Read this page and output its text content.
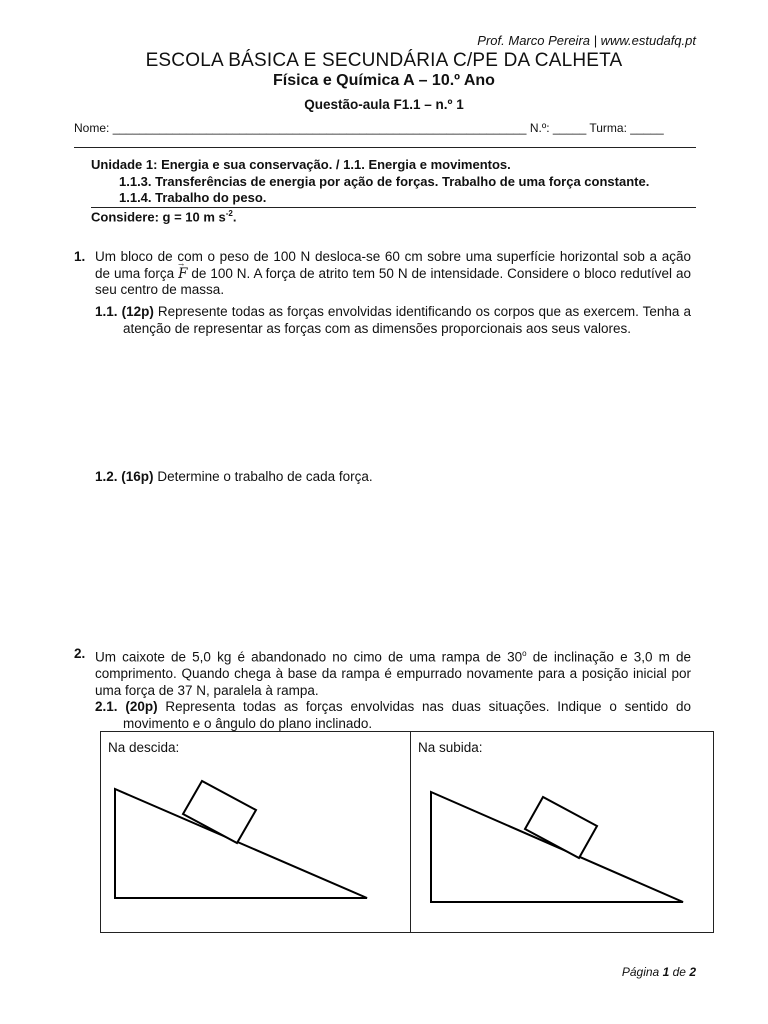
Prof. Marco Pereira | www.estudafq.pt
ESCOLA BÁSICA E SECUNDÁRIA C/PE DA CALHETA
Física e Química A – 10.º Ano
Questão-aula F1.1 – n.º 1
Nome: ______________________________________________________________ N.º: _____ Turma: _____
Unidade 1: Energia e sua conservação. / 1.1. Energia e movimentos.
1.1.3. Transferências de energia por ação de forças. Trabalho de uma força constante.
1.1.4. Trabalho do peso.
Considere: g = 10 m $s^{-2}$.
1. Um bloco de com o peso de 100 N desloca-se 60 cm sobre uma superfície horizontal sob a ação de uma força → F de 100 N. A força de atrito tem 50 N de intensidade. Considere o bloco redutível ao seu centro de massa.
1.1. (12p) Represente todas as forças envolvidas identificando os corpos que as exercem. Tenha a atenção de representar as forças com as dimensões proporcionais aos seus valores.
1.2. (16p) Determine o trabalho de cada força.
2. Um caixote de 5,0 kg é abandonado no cimo de uma rampa de 30$^o$ de inclinação e 3,0 m de comprimento. Quando chega à base da rampa é empurrado novamente para a posição inicial por uma força de 37 N, paralela à rampa.
2.1. (20p) Representa todas as forças envolvidas nas duas situações. Indique o sentido do movimento e o ângulo do plano inclinado.
Na descida:	Na subida:
Página 1 de 2
